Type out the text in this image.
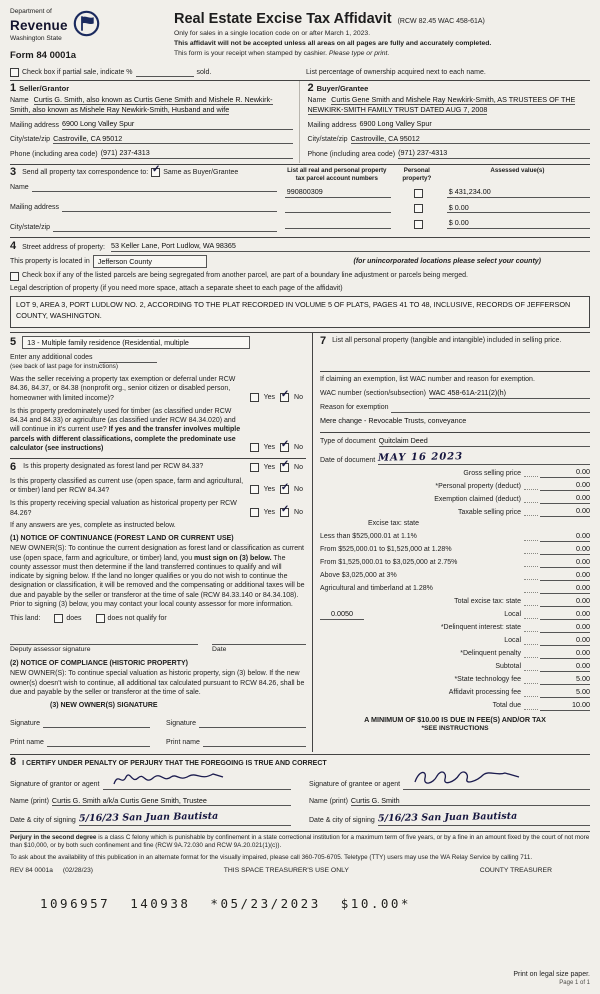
Department of
Revenue
Washington State
Form 84 0001a
Real Estate Excise Tax Affidavit (RCW 82.45 WAC 458-61A)
Only for sales in a single location code on or after March 1, 2023.
This affidavit will not be accepted unless all areas on all pages are fully and accurately completed.
This form is your receipt when stamped by cashier. Please type or print.
Check box if partial sale, indicate %	sold.	List percentage of ownership acquired next to each name.
1 Seller/Grantor
Name Curtis G. Smith, also known as Curtis Gene Smith and Mishele R. Newkirk-Smith, also known as Mishele Ray Newkirk-Smith, Husband and wife
Mailing address 6900 Long Valley Spur
City/state/zip Castroville, CA 95012
Phone (including area code) (971) 237-4313
2 Buyer/Grantee
Name Curtis Gene Smith and Mishele Ray Newkirk-Smith, AS TRUSTEES OF THE NEWKIRK-SMITH FAMILY TRUST DATED AUG 7, 2008
Mailing address 6900 Long Valley Spur
City/state/zip Castroville, CA 95012
Phone (including area code) (971) 237-4313
3 Send all property tax correspondence to: ✓ Same as Buyer/Grantee
Name
Mailing address
City/state/zip
List all real and personal property tax parcel account numbers
Personal property?
Assessed value(s)
990800309	$ 431,234.00
$ 0.00
$ 0.00
4 Street address of property: 53 Keller Lane, Port Ludlow, WA 98365
This property is located in	Jefferson County	(for unincorporated locations please select your county)
Check box if any of the listed parcels are being segregated from another parcel, are part of a boundary line adjustment or parcels being merged.
Legal description of property (if you need more space, attach a separate sheet to each page of the affidavit)
LOT 9, AREA 3, PORT LUDLOW NO. 2, ACCORDING TO THE PLAT RECORDED IN VOLUME 5 OF PLATS, PAGES 41 TO 48, INCLUSIVE, RECORDS OF JEFFERSON COUNTY, WASHINGTON.
5	13 - Multiple family residence (Residential, multiple
Enter any additional codes
(see back of last page for instructions)
Was the seller receiving a property tax exemption or deferral under RCW 84.36, 84.37, or 84.38 (nonprofit org., senior citizen or disabled person, homeowner with limited income)?	Yes ✓ No
Is this property predominately used for timber (as classified under RCW 84.34 and 84.33) or agriculture (as classified under RCW 84.34.020) and will continue in it's current use? If yes and the transfer involves multiple parcels with different classifications, complete the predominate use calculator (see instructions)	Yes ✓ No
6 Is this property designated as forest land per RCW 84.33?	Yes ✓ No
Is this property classified as current use (open space, farm and agricultural, or timber) land per RCW 84.34?	Yes ✓ No
Is this property receiving special valuation as historical property per RCW 84.26?	Yes ✓ No
If any answers are yes, complete as instructed below.
(1) NOTICE OF CONTINUANCE (FOREST LAND OR CURRENT USE)
NEW OWNER(S): To continue the current designation as forest land or classification as current use (open space, farm and agriculture, or timber) land, you must sign on (3) below. The county assessor must then determine if the land transferred continues to qualify and will indicate by signing below. If the land no longer qualifies or you do not wish to continue the designation or classification, it will be removed and the compensating or additional taxes will be due and payable by the seller or transferor at the time of sale (RCW 84.33.140 or 84.34.108). Prior to signing (3) below, you may contact your local county assessor for more information.
This land:	does	does not qualify for
Deputy assessor signature	Date
(2) NOTICE OF COMPLIANCE (HISTORIC PROPERTY)
NEW OWNER(S): To continue special valuation as historic property, sign (3) below. If the new owner(s) doesn't wish to continue, all additional tax calculated pursuant to RCW 84.26, shall be due and payable by the seller or transferor at the time of sale.
(3) NEW OWNER(S) SIGNATURE
Signature
Print name
Signature
Print name
7 List all personal property (tangible and intangible) included in selling price.
If claiming an exemption, list WAC number and reason for exemption.
WAC number (section/subsection) WAC 458-61A-211(2)(h)
Reason for exemption
Mere change - Revocable Trusts, conveyance
Type of document Quitclaim Deed
Date of document MAY 16 2023
Gross selling price	0.00
*Personal property (deduct)	0.00
Exemption claimed (deduct)	0.00
Taxable selling price	0.00
Excise tax: state
Less than $525,000.01 at 1.1%	0.00
From $525,000.01 to $1,525,000 at 1.28%	0.00
From $1,525,000.01 to $3,025,000 at 2.75%	0.00
Above $3,025,000 at 3%	0.00
Agricultural and timberland at 1.28%	0.00
Total excise tax: state	0.00
0.0050	Local	0.00
*Delinquent interest: state	0.00
Local	0.00
*Delinquent penalty	0.00
Subtotal	0.00
*State technology fee	5.00
Affidavit processing fee	5.00
Total due	10.00
A MINIMUM OF $10.00 IS DUE IN FEE(S) AND/OR TAX
*SEE INSTRUCTIONS
8 I CERTIFY UNDER PENALTY OF PERJURY THAT THE FOREGOING IS TRUE AND CORRECT
Signature of grantor or agent
Name (print) Curtis G. Smith a/k/a Curtis Gene Smith, Trustee
Date & city of signing 5/16/23 San Juan Bautista
Signature of grantee or agent
Name (print) Curtis G. Smith
Date & city of signing 5/16/23 San Juan Bautista
Perjury in the second degree is a class C felony which is punishable by confinement in a state correctional institution for a maximum term of five years, or by a fine in an amount fixed by the court of not more than $10,000, or by both such confinement and fine (RCW 9A.72.030 and RCW 9A.20.021(1)(c)).
To ask about the availability of this publication in an alternate format for the visually impaired, please call 360-705-6705. Teletype (TTY) users may use the WA Relay Service by calling 711.
REV 84 0001a (02/28/23)	THIS SPACE TREASURER'S USE ONLY	COUNTY TREASURER
1096957  140938  *05/23/2023  $10.00*
Print on legal size paper.
Page 1 of 1
